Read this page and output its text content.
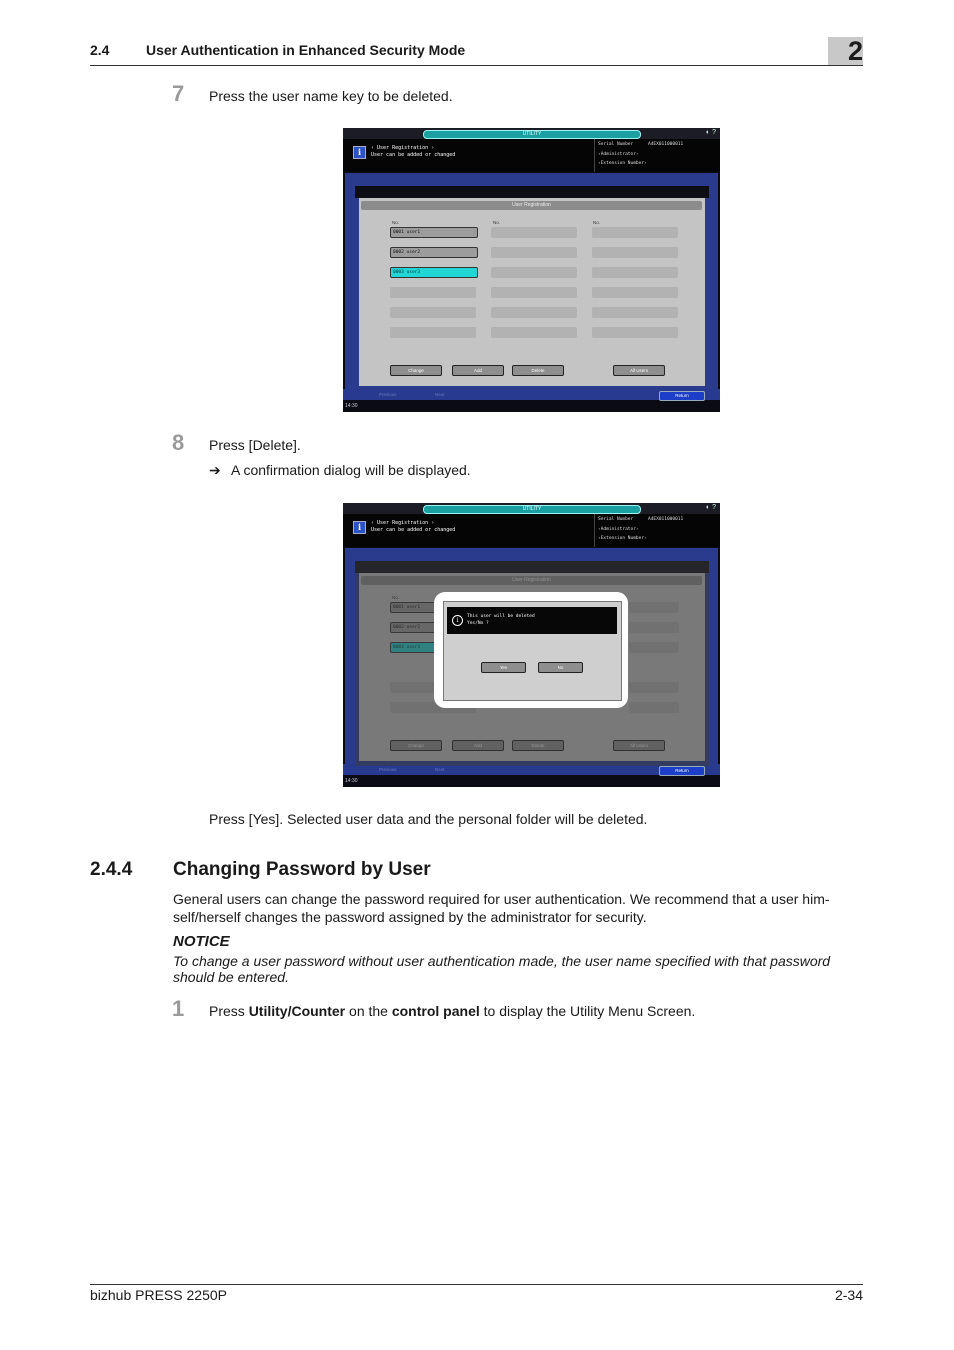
2.4	User Authentication in Enhanced Security Mode	2
7 Press the user name key to be deleted.
UTILITY	◐ ?
i	‹ User Registration ›
User can be added or changed
Serial Number	A4EX011000011
‹Administrator›
‹Extension Number›
User Registration
No.	No.	No.
0001 user1
0002 user2
0003 user3
Change	Add	Delete	All Users
Previous	Next	Return
14:30
8 Press [Delete].
➔ A confirmation dialog will be displayed.
UTILITY	◐ ?
i	‹ User Registration ›
User can be added or changed
Serial Number	A4EX011000011
‹Administrator›
‹Extension Number›
Previous	Next	Return
14:30
i
This user will be deleted
Yes/No ?
Yes	No
Press [Yes]. Selected user data and the personal folder will be deleted.
2.4.4 Changing Password by User
General users can change the password required for user authentication. We recommend that a user him-
self/herself changes the password assigned by the administrator for security.
NOTICE
To change a user password without user authentication made, the user name specified with that password should be entered.
1 Press Utility/Counter on the control panel to display the Utility Menu Screen.
bizhub PRESS 2250P	2-34
